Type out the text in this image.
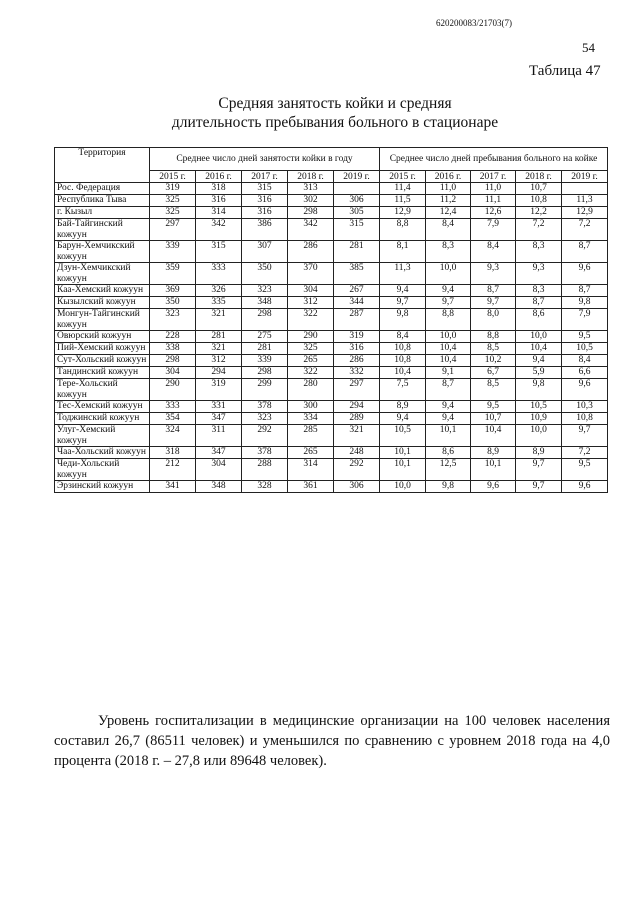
620200083/21703(7)
54
Таблица 47
Средняя занятость койки и средняя
длительность пребывания больного в стационаре
Территория	Среднее число дней занятости койки в году					Среднее число дней пребывания больного на койке				
	2015 г.	2016 г.	2017 г.	2018 г.	2019 г.	2015 г.	2016 г.	2017 г.	2018 г.	2019 г.
Рос. Федерация	319	318	315	313		11,4	11,0	11,0	10,7	
Республика Тыва	325	316	316	302	306	11,5	11,2	11,1	10,8	11,3
г. Кызыл	325	314	316	298	305	12,9	12,4	12,6	12,2	12,9
Бай-Тайгинский кожуун	297	342	386	342	315	8,8	8,4	7,9	7,2	7,2
Барун-Хемчикский кожуун	339	315	307	286	281	8,1	8,3	8,4	8,3	8,7
Дзун-Хемчикский кожуун	359	333	350	370	385	11,3	10,0	9,3	9,3	9,6
Каа-Хемский кожуун	369	326	323	304	267	9,4	9,4	8,7	8,3	8,7
Кызылский кожуун	350	335	348	312	344	9,7	9,7	9,7	8,7	9,8
Монгун-Тайгинский кожуун	323	321	298	322	287	9,8	8,8	8,0	8,6	7,9
Овюрский кожуун	228	281	275	290	319	8,4	10,0	8,8	10,0	9,5
Пий-Хемский кожуун	338	321	281	325	316	10,8	10,4	8,5	10,4	10,5
Сут-Хольский кожуун	298	312	339	265	286	10,8	10,4	10,2	9,4	8,4
Тандинский кожуун	304	294	298	322	332	10,4	9,1	6,7	5,9	6,6
Тере-Хольский кожуун	290	319	299	280	297	7,5	8,7	8,5	9,8	9,6
Тес-Хемский кожуун	333	331	378	300	294	8,9	9,4	9,5	10,5	10,3
Тоджинский кожуун	354	347	323	334	289	9,4	9,4	10,7	10,9	10,8
Улуг-Хемский кожуун	324	311	292	285	321	10,5	10,1	10,4	10,0	9,7
Чаа-Хольский кожуун	318	347	378	265	248	10,1	8,6	8,9	8,9	7,2
Чеди-Хольский кожуун	212	304	288	314	292	10,1	12,5	10,1	9,7	9,5
Эрзинский кожуун	341	348	328	361	306	10,0	9,8	9,6	9,7	9,6
Уровень госпитализации в медицинские организации на 100 человек населения составил 26,7 (86511 человек) и уменьшился по сравнению с уровнем 2018 года на 4,0 процента (2018 г. – 27,8 или 89648 человек).
